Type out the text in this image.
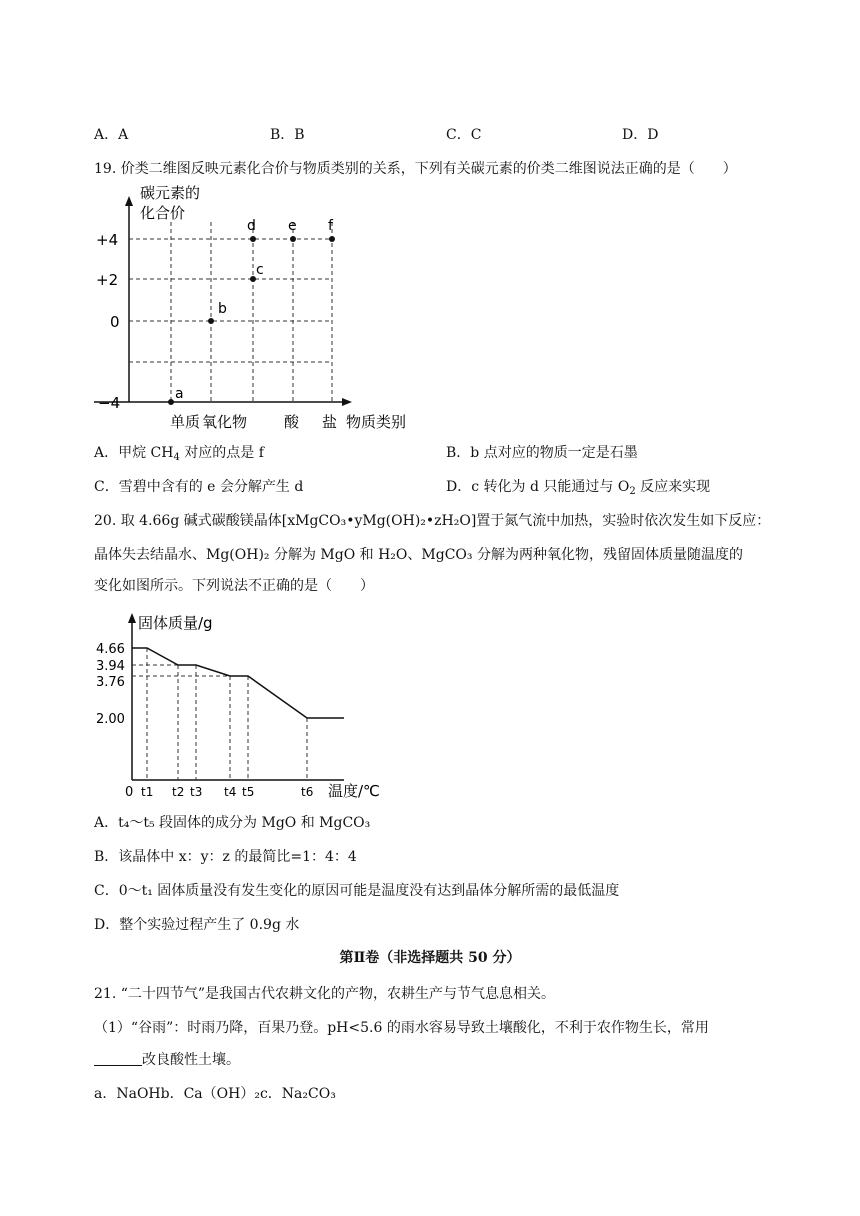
A．A	B．B	C．C	D．D
19. 价类二维图反映元素化合价与物质类别的关系，下列有关碳元素的价类二维图说法正确的是（　　）
碳元素的
化合价
+4
+2
0
−4	a
b
c
d e f
单质 氧化物 酸 盐 物质类别
A．甲烷 $CH_4$ 对应的点是 f	B．b 点对应的物质一定是石墨
C．雪碧中含有的 e 会分解产生 d	D．c 转化为 d 只能通过与 $O_2$ 反应来实现
20. 取 4.66g 碱式碳酸镁晶体[xMgCO₃•yMg(OH)₂•zH₂O]置于氮气流中加热，实验时依次发生如下反应：
晶体失去结晶水、Mg(OH)₂ 分解为 MgO 和 H₂O、MgCO₃ 分解为两种氧化物，残留固体质量随温度的
变化如图所示。下列说法不正确的是（　　）
固体质量/g
4.66
3.94
3.76
2.00
0 t1 t2 t3 t4 t5	t6 温度/℃
A．t₄～t₅ 段固体的成分为 MgO 和 MgCO₃
B．该晶体中 x：y：z 的最简比=1：4：4
C．0～t₁ 固体质量没有发生变化的原因可能是温度没有达到晶体分解所需的最低温度
D．整个实验过程产生了 0.9g 水
第Ⅱ卷（非选择题共 50 分）
21. “二十四节气”是我国古代农耕文化的产物，农耕生产与节气息息相关。
（1）“谷雨”：时雨乃降，百果乃登。pH<5.6 的雨水容易导致土壤酸化，不利于农作物生长，常用
改良酸性土壤。
a．NaOHb．Ca（OH）₂c．Na₂CO₃
